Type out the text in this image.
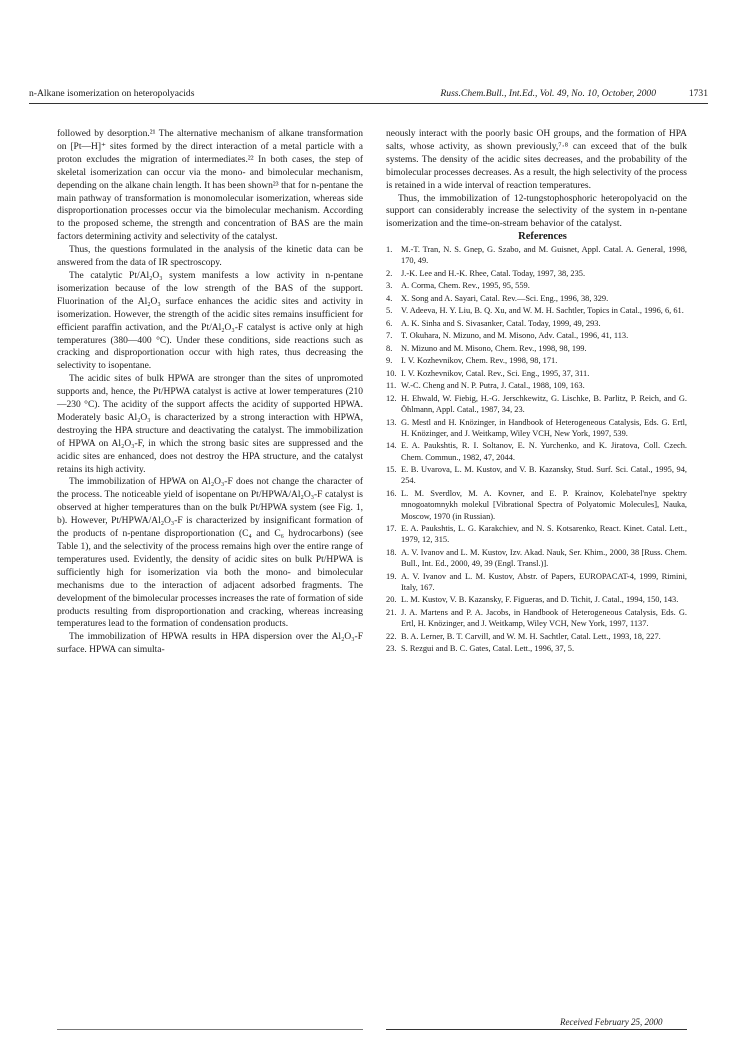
n-Alkane isomerization on heteropolyacids	Russ.Chem.Bull., Int.Ed., Vol. 49, No. 10, October, 2000	1731

followed by desorption.²¹ The alternative mechanism of alkane transformation on [Pt—H]⁺ sites formed by the direct interaction of a metal particle with a proton excludes the migration of intermediates.²² In both cases, the step of skeletal isomerization can occur via the mono- and bimolecular mechanism, depending on the alkane chain length. It has been shown²³ that for n-pentane the main pathway of transformation is monomolecular isomerization, whereas side disproportionation processes occur via the bimolecular mechanism. According to the proposed scheme, the strength and concentration of BAS are the main factors determining activity and selectivity of the catalyst.

Thus, the questions formulated in the analysis of the kinetic data can be answered from the data of IR spectroscopy.

The catalytic Pt/Al₂O₃ system manifests a low activity in n-pentane isomerization because of the low strength of the BAS of the support. Fluorination of the Al₂O₃ surface enhances the acidic sites and activity in isomerization. However, the strength of the acidic sites remains insufficient for efficient paraffin activation, and the Pt/Al₂O₃-F catalyst is active only at high temperatures (380—400 °C). Under these conditions, side reactions such as cracking and disproportionation occur with high rates, thus decreasing the selectivity to isopentane.

The acidic sites of bulk HPWA are stronger than the sites of unpromoted supports and, hence, the Pt/HPWA catalyst is active at lower temperatures (210—230 °C). The acidity of the support affects the acidity of supported HPWA. Moderately basic Al₂O₃ is characterized by a strong interaction with HPWA, destroying the HPA structure and deactivating the catalyst. The immobilization of HPWA on Al₂O₃-F, in which the strong basic sites are suppressed and the acidic sites are enhanced, does not destroy the HPA structure, and the catalyst retains its high activity.

The immobilization of HPWA on Al₂O₃-F does not change the character of the process. The noticeable yield of isopentane on Pt/HPWA/Al₂O₃-F catalyst is observed at higher temperatures than on the bulk Pt/HPWA system (see Fig. 1, b). However, Pt/HPWA/Al₂O₃-F is characterized by insignificant formation of the products of n-pentane disproportionation (C₄ and C₆ hydrocarbons) (see Table 1), and the selectivity of the process remains high over the entire range of temperatures used. Evidently, the density of acidic sites on bulk Pt/HPWA is sufficiently high for isomerization via both the mono- and bimolecular mechanisms due to the interaction of adjacent adsorbed fragments. The development of the bimolecular processes increases the rate of formation of side products resulting from disproportionation and cracking, whereas increasing temperatures lead to the formation of condensation products.

The immobilization of HPWA results in HPA dispersion over the Al₂O₃-F surface. HPWA can simulta-

neously interact with the poorly basic OH groups, and the formation of HPA salts, whose activity, as shown previously,⁷·⁸ can exceed that of the bulk systems. The density of the acidic sites decreases, and the probability of the bimolecular processes decreases. As a result, the high selectivity of the process is retained in a wide interval of reaction temperatures.

Thus, the immobilization of 12-tungstophosphoric heteropolyacid on the support can considerably increase the selectivity of the system in n-pentane isomerization and the time-on-stream behavior of the catalyst.

References

1. M.-T. Tran, N. S. Gnep, G. Szabo, and M. Guisnet, Appl. Catal. A. General, 1998, 170, 49.
2. J.-K. Lee and H.-K. Rhee, Catal. Today, 1997, 38, 235.
3. A. Corma, Chem. Rev., 1995, 95, 559.
4. X. Song and A. Sayari, Catal. Rev.—Sci. Eng., 1996, 38, 329.
5. V. Adeeva, H. Y. Liu, B. Q. Xu, and W. M. H. Sachtler, Topics in Catal., 1996, 6, 61.
6. A. K. Sinha and S. Sivasanker, Catal. Today, 1999, 49, 293.
7. T. Okuhara, N. Mizuno, and M. Misono, Adv. Catal., 1996, 41, 113.
8. N. Mizuno and M. Misono, Chem. Rev., 1998, 98, 199.
9. I. V. Kozhevnikov, Chem. Rev., 1998, 98, 171.
10. I. V. Kozhevnikov, Catal. Rev., Sci. Eng., 1995, 37, 311.
11. W.-C. Cheng and N. P. Putra, J. Catal., 1988, 109, 163.
12. H. Ehwald, W. Fiebig, H.-G. Jerschkewitz, G. Lischke, B. Parlitz, P. Reich, and G. Öhlmann, Appl. Catal., 1987, 34, 23.
13. G. Mestl and H. Knözinger, in Handbook of Heterogeneous Catalysis, Eds. G. Ertl, H. Knözinger, and J. Weitkamp, Wiley VCH, New York, 1997, 539.
14. E. A. Paukshtis, R. I. Soltanov, E. N. Yurchenko, and K. Jiratova, Coll. Czech. Chem. Commun., 1982, 47, 2044.
15. E. B. Uvarova, L. M. Kustov, and V. B. Kazansky, Stud. Surf. Sci. Catal., 1995, 94, 254.
16. L. M. Sverdlov, M. A. Kovner, and E. P. Krainov, Kolebatel'nye spektry mnogoatomnykh molekul [Vibrational Spectra of Polyatomic Molecules], Nauka, Moscow, 1970 (in Russian).
17. E. A. Paukshtis, L. G. Karakchiev, and N. S. Kotsarenko, React. Kinet. Catal. Lett., 1979, 12, 315.
18. A. V. Ivanov and L. M. Kustov, Izv. Akad. Nauk, Ser. Khim., 2000, 38 [Russ. Chem. Bull., Int. Ed., 2000, 49, 39 (Engl. Transl.)].
19. A. V. Ivanov and L. M. Kustov, Abstr. of Papers, EUROPACAT-4, 1999, Rimini, Italy, 167.
20. L. M. Kustov, V. B. Kazansky, F. Figueras, and D. Tichit, J. Catal., 1994, 150, 143.
21. J. A. Martens and P. A. Jacobs, in Handbook of Heterogeneous Catalysis, Eds. G. Ertl, H. Knözinger, and J. Weitkamp, Wiley VCH, New York, 1997, 1137.
22. B. A. Lerner, B. T. Carvill, and W. M. H. Sachtler, Catal. Lett., 1993, 18, 227.
23. S. Rezgui and B. C. Gates, Catal. Lett., 1996, 37, 5.
Received February 25, 2000
